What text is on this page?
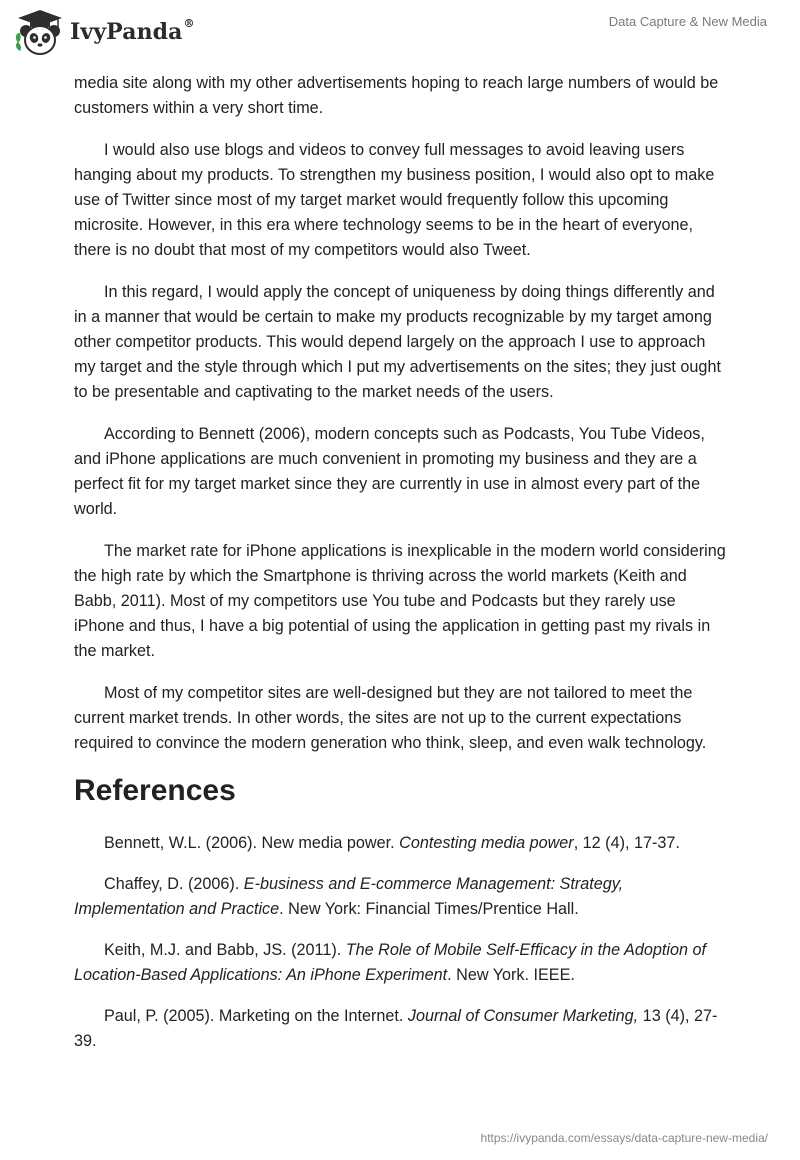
IvyPanda®	Data Capture & New Media

media site along with my other advertisements hoping to reach large numbers of would be customers within a very short time.

I would also use blogs and videos to convey full messages to avoid leaving users hanging about my products. To strengthen my business position, I would also opt to make use of Twitter since most of my target market would frequently follow this upcoming microsite. However, in this era where technology seems to be in the heart of everyone, there is no doubt that most of my competitors would also Tweet.

In this regard, I would apply the concept of uniqueness by doing things differently and in a manner that would be certain to make my products recognizable by my target among other competitor products. This would depend largely on the approach I use to approach my target and the style through which I put my advertisements on the sites; they just ought to be presentable and captivating to the market needs of the users.

According to Bennett (2006), modern concepts such as Podcasts, You Tube Videos, and iPhone applications are much convenient in promoting my business and they are a perfect fit for my target market since they are currently in use in almost every part of the world.

The market rate for iPhone applications is inexplicable in the modern world considering the high rate by which the Smartphone is thriving across the world markets (Keith and Babb, 2011). Most of my competitors use You tube and Podcasts but they rarely use iPhone and thus, I have a big potential of using the application in getting past my rivals in the market.

Most of my competitor sites are well-designed but they are not tailored to meet the current market trends. In other words, the sites are not up to the current expectations required to convince the modern generation who think, sleep, and even walk technology.

References

Bennett, W.L. (2006). New media power. Contesting media power, 12 (4), 17-37.

Chaffey, D. (2006). E-business and E-commerce Management: Strategy, Implementation and Practice. New York: Financial Times/Prentice Hall.

Keith, M.J. and Babb, JS. (2011). The Role of Mobile Self-Efficacy in the Adoption of Location-Based Applications: An iPhone Experiment. New York. IEEE.

Paul, P. (2005). Marketing on the Internet. Journal of Consumer Marketing, 13 (4), 27-39.

https://ivypanda.com/essays/data-capture-new-media/
